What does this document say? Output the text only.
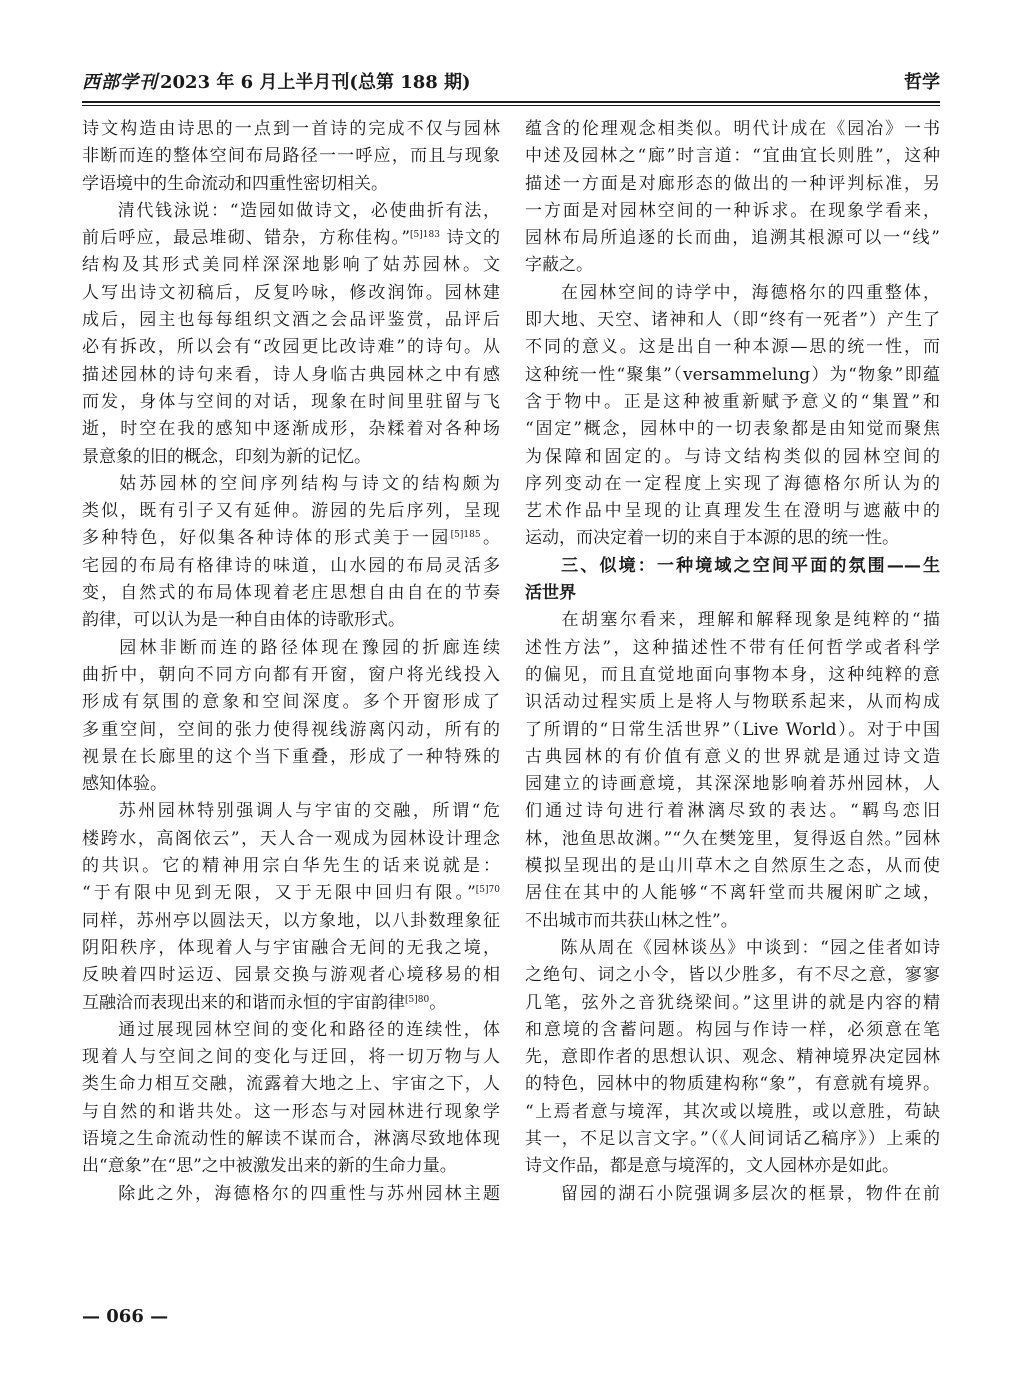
西部学刊 2023 年 6 月上半月刊(总第 188 期)	哲学
诗文构造由诗思的一点到一首诗的完成不仅与园林
非断而连的整体空间布局路径一一呼应，而且与现象
学语境中的生命流动和四重性密切相关。
清代钱泳说：“造园如做诗文，必使曲折有法，
前后呼应，最忌堆砌、错杂，方称佳构。”$^{[5]183}$ 诗文的
结构及其形式美同样深深地影响了姑苏园林。文
人写出诗文初稿后，反复吟咏，修改润饰。园林建
成后，园主也每每组织文酒之会品评鉴赏，品评后
必有拆改，所以会有“改园更比改诗难”的诗句。从
描述园林的诗句来看，诗人身临古典园林之中有感
而发，身体与空间的对话，现象在时间里驻留与飞
逝，时空在我的感知中逐渐成形，杂糅着对各种场
景意象的旧的概念，印刻为新的记忆。
姑苏园林的空间序列结构与诗文的结构颇为
类似，既有引子又有延伸。游园的先后序列，呈现
多种特色，好似集各种诗体的形式美于一园$^{[5]185}$。
宅园的布局有格律诗的味道，山水园的布局灵活多
变，自然式的布局体现着老庄思想自由自在的节奏
韵律，可以认为是一种自由体的诗歌形式。
园林非断而连的路径体现在豫园的折廊连续
曲折中，朝向不同方向都有开窗，窗户将光线投入
形成有氛围的意象和空间深度。多个开窗形成了
多重空间，空间的张力使得视线游离闪动，所有的
视景在长廊里的这个当下重叠，形成了一种特殊的
感知体验。
苏州园林特别强调人与宇宙的交融，所谓“危
楼跨水，高阁依云”，天人合一观成为园林设计理念
的共识。它的精神用宗白华先生的话来说就是：
“于有限中见到无限，又于无限中回归有限。”$^{[5]70}$
同样，苏州亭以圆法天，以方象地，以八卦数理象征
阴阳秩序，体现着人与宇宙融合无间的无我之境，
反映着四时运迈、园景交换与游观者心境移易的相
互融洽而表现出来的和谐而永恒的宇宙韵律$^{[5]80}$。
通过展现园林空间的变化和路径的连续性，体
现着人与空间之间的变化与迂回，将一切万物与人
类生命力相互交融，流露着大地之上、宇宙之下，人
与自然的和谐共处。这一形态与对园林进行现象学
语境之生命流动性的解读不谋而合，淋漓尽致地体现
出“意象”在“思”之中被激发出来的新的生命力量。
除此之外，海德格尔的四重性与苏州园林主题
蕴含的伦理观念相类似。明代计成在《园冶》一书
中述及园林之“廊”时言道：“宜曲宜长则胜”，这种
描述一方面是对廊形态的做出的一种评判标准，另
一方面是对园林空间的一种诉求。在现象学看来，
园林布局所追逐的长而曲，追溯其根源可以一“线”
字蔽之。
在园林空间的诗学中，海德格尔的四重整体，
即大地、天空、诸神和人（即“终有一死者”）产生了
不同的意义。这是出自一种本源—思的统一性，而
这种统一性“聚集”（versammelung）为“物象”即蕴
含于物中。正是这种被重新赋予意义的“集置”和
“固定”概念，园林中的一切表象都是由知觉而聚焦
为保障和固定的。与诗文结构类似的园林空间的
序列变动在一定程度上实现了海德格尔所认为的
艺术作品中呈现的让真理发生在澄明与遮蔽中的
运动，而决定着一切的来自于本源的思的统一性。
三、似境：一种境域之空间平面的氛围——生
活世界
在胡塞尔看来，理解和解释现象是纯粹的“描
述性方法”，这种描述性不带有任何哲学或者科学
的偏见，而且直觉地面向事物本身，这种纯粹的意
识活动过程实质上是将人与物联系起来，从而构成
了所谓的“日常生活世界”（Live World）。对于中国
古典园林的有价值有意义的世界就是通过诗文造
园建立的诗画意境，其深深地影响着苏州园林，人
们通过诗句进行着淋漓尽致的表达。“羁鸟恋旧
林，池鱼思故渊。”“久在樊笼里，复得返自然。”园林
模拟呈现出的是山川草木之自然原生之态，从而使
居住在其中的人能够“不离轩堂而共履闲旷之域，
不出城市而共获山林之性”。
陈从周在《园林谈丛》中谈到：“园之佳者如诗
之绝句、词之小令，皆以少胜多，有不尽之意，寥寥
几笔，弦外之音犹绕梁间。”这里讲的就是内容的精
和意境的含蓄问题。构园与作诗一样，必须意在笔
先，意即作者的思想认识、观念、精神境界决定园林
的特色，园林中的物质建构称“象”，有意就有境界。
“上焉者意与境浑，其次或以境胜，或以意胜，苟缺
其一，不足以言文字。”（《人间词话乙稿序》）上乘的
诗文作品，都是意与境浑的，文人园林亦是如此。
留园的湖石小院强调多层次的框景，物件在前
— 066 —
